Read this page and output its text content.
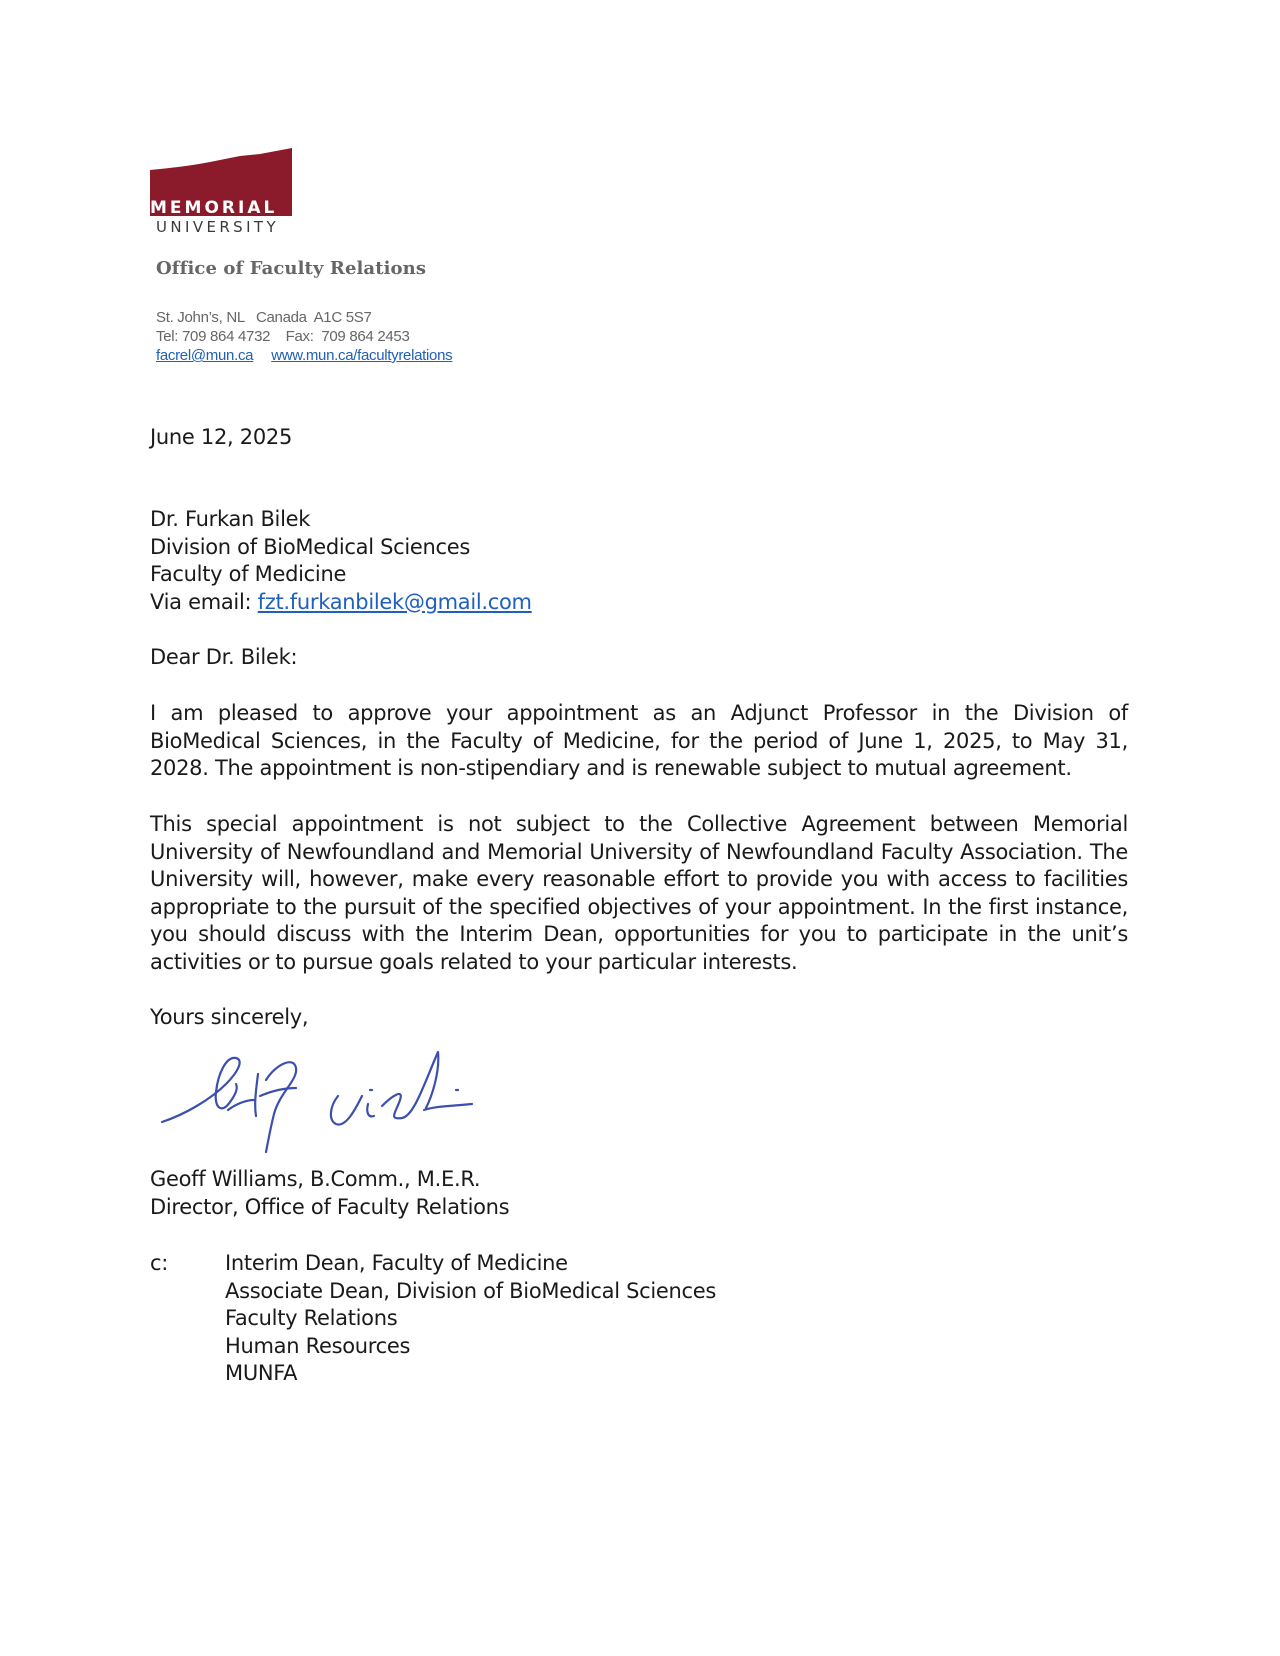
MEMORIAL
UNIVERSITY
Office of Faculty Relations
St. John’s, NL   Canada  A1C 5S7
Tel: 709 864 4732    Fax:  709 864 2453
facrel@mun.ca www.mun.ca/facultyrelations
June 12, 2025
Dr. Furkan Bilek
Division of BioMedical Sciences
Faculty of Medicine
Via email: fzt.furkanbilek@gmail.com
Dear Dr. Bilek:
I am pleased to approve your appointment as an Adjunct Professor in the Division of BioMedical Sciences, in the Faculty of Medicine, for the period of June 1, 2025, to May 31, 2028. The appointment is non-stipendiary and is renewable subject to mutual agreement.
This special appointment is not subject to the Collective Agreement between Memorial University of Newfoundland and Memorial University of Newfoundland Faculty Association. The University will, however, make every reasonable effort to provide you with access to facilities appropriate to the pursuit of the specified objectives of your appointment. In the first instance, you should discuss with the Interim Dean, opportunities for you to participate in the unit’s activities or to pursue goals related to your particular interests.
Yours sincerely,
Geoff Williams, B.Comm., M.E.R.
Director, Office of Faculty Relations
c:	Interim Dean, Faculty of Medicine
Associate Dean, Division of BioMedical Sciences
Faculty Relations
Human Resources
MUNFA
